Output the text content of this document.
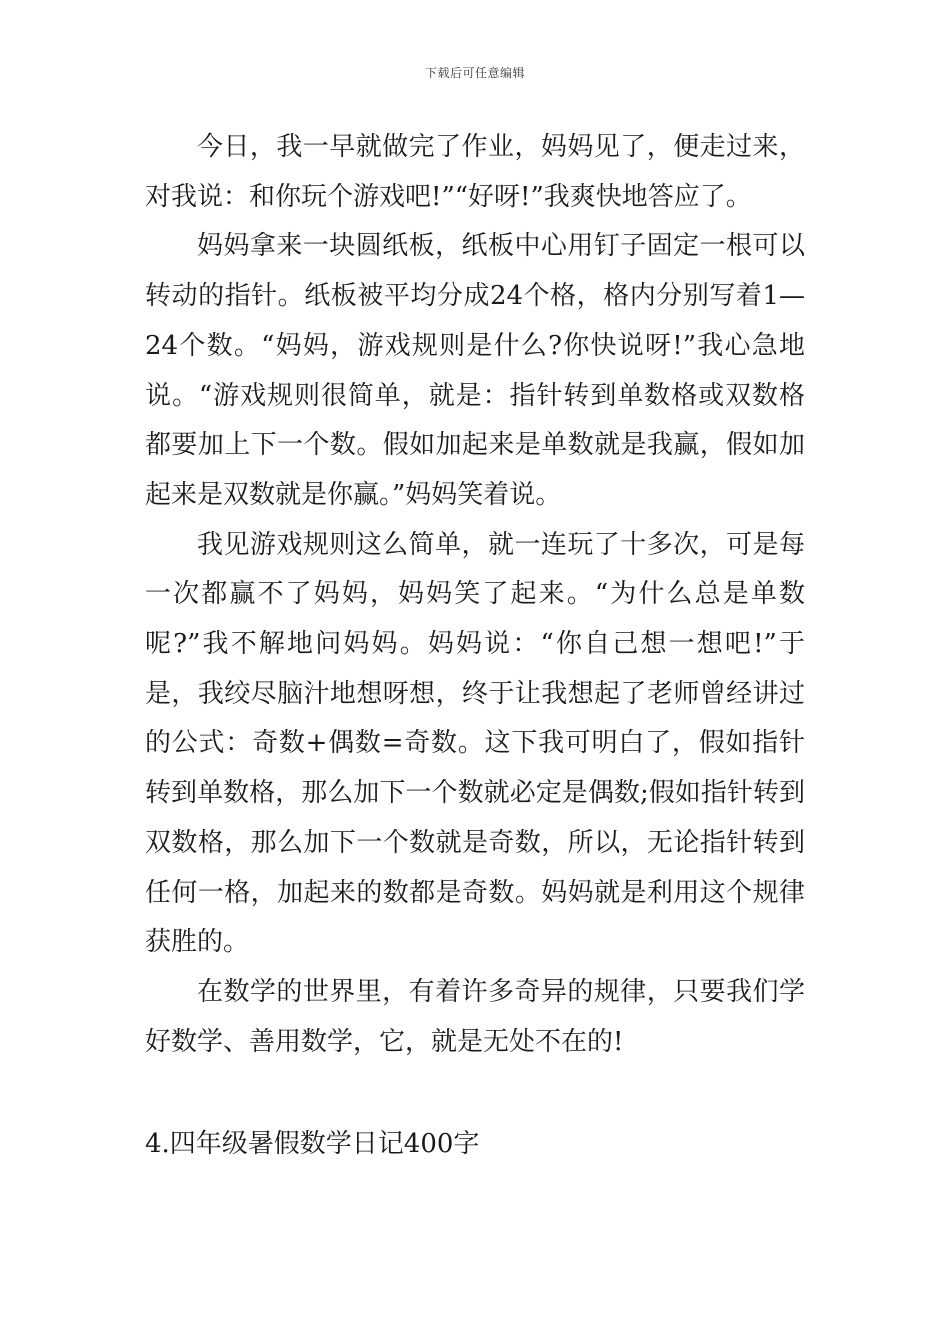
下载后可任意编辑

今日，我一早就做完了作业，妈妈见了，便走过来，对我说：和你玩个游戏吧!”“好呀!”我爽快地答应了。

妈妈拿来一块圆纸板，纸板中心用钉子固定一根可以转动的指针。纸板被平均分成24个格，格内分别写着1—24个数。“妈妈，游戏规则是什么?你快说呀!”我心急地说。“游戏规则很简单，就是：指针转到单数格或双数格都要加上下一个数。假如加起来是单数就是我赢，假如加起来是双数就是你赢。”妈妈笑着说。

我见游戏规则这么简单，就一连玩了十多次，可是每一次都赢不了妈妈，妈妈笑了起来。“为什么总是单数呢?”我不解地问妈妈。妈妈说：“你自己想一想吧!”于是，我绞尽脑汁地想呀想，终于让我想起了老师曾经讲过的公式：奇数+偶数=奇数。这下我可明白了，假如指针转到单数格，那么加下一个数就必定是偶数;假如指针转到双数格，那么加下一个数就是奇数，所以，无论指针转到任何一格，加起来的数都是奇数。妈妈就是利用这个规律获胜的。

在数学的世界里，有着许多奇异的规律，只要我们学好数学、善用数学，它，就是无处不在的!

4.四年级暑假数学日记400字
